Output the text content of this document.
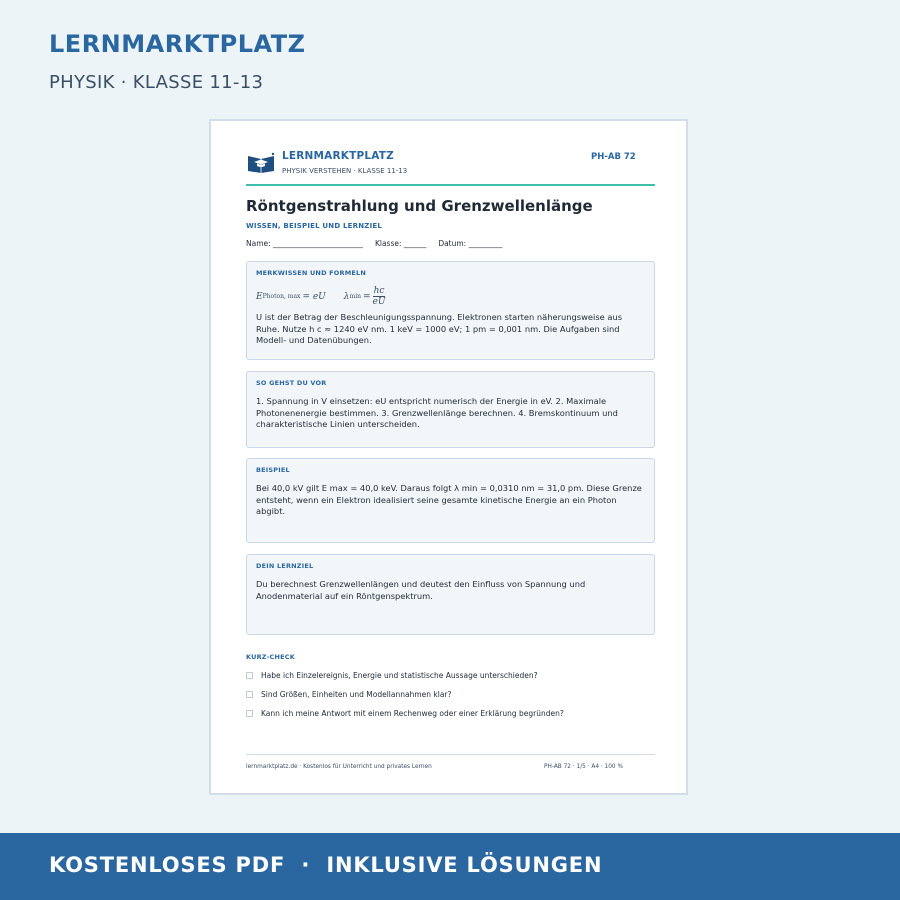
LERNMARKTPLATZ
PHYSIK · KLASSE 11-13
LERNMARKTPLATZ
PHYSIK VERSTEHEN · KLASSE 11-13
PH-AB 72
Röntgenstrahlung und Grenzwellenlänge
WISSEN, BEISPIEL UND LERNZIEL
Name: ________________________     Klasse: ______     Datum: _________
MERKWISSEN UND FORMELN
E Photon, max = eU λ $\min = \frac{hc}{eU}$
U ist der Betrag der Beschleunigungsspannung. Elektronen starten näherungsweise aus Ruhe. Nutze h c ≈ 1240 eV nm. 1 keV = 1000 eV; 1 pm = 0,001 nm. Die Aufgaben sind Modell- und Datenübungen.
SO GEHST DU VOR
1. Spannung in V einsetzen: eU entspricht numerisch der Energie in eV. 2. Maximale Photonenenergie bestimmen. 3. Grenzwellenlänge berechnen. 4. Bremskontinuum und charakteristische Linien unterscheiden.
BEISPIEL
Bei 40,0 kV gilt E max = 40,0 keV. Daraus folgt λ min = 0,0310 nm = 31,0 pm. Diese Grenze entsteht, wenn ein Elektron idealisiert seine gesamte kinetische Energie an ein Photon abgibt.
DEIN LERNZIEL
Du berechnest Grenzwellenlängen und deutest den Einfluss von Spannung und Anodenmaterial auf ein Röntgenspektrum.
KURZ-CHECK
Habe ich Einzelereignis, Energie und statistische Aussage unterschieden?
Sind Größen, Einheiten und Modellannahmen klar?
Kann ich meine Antwort mit einem Rechenweg oder einer Erklärung begründen?
lernmarktplatz.de · Kostenlos für Unterricht und privates Lernen	PH-AB 72 · 1/5 · A4 · 100 %
KOSTENLOSES PDF  ·  INKLUSIVE LÖSUNGEN
